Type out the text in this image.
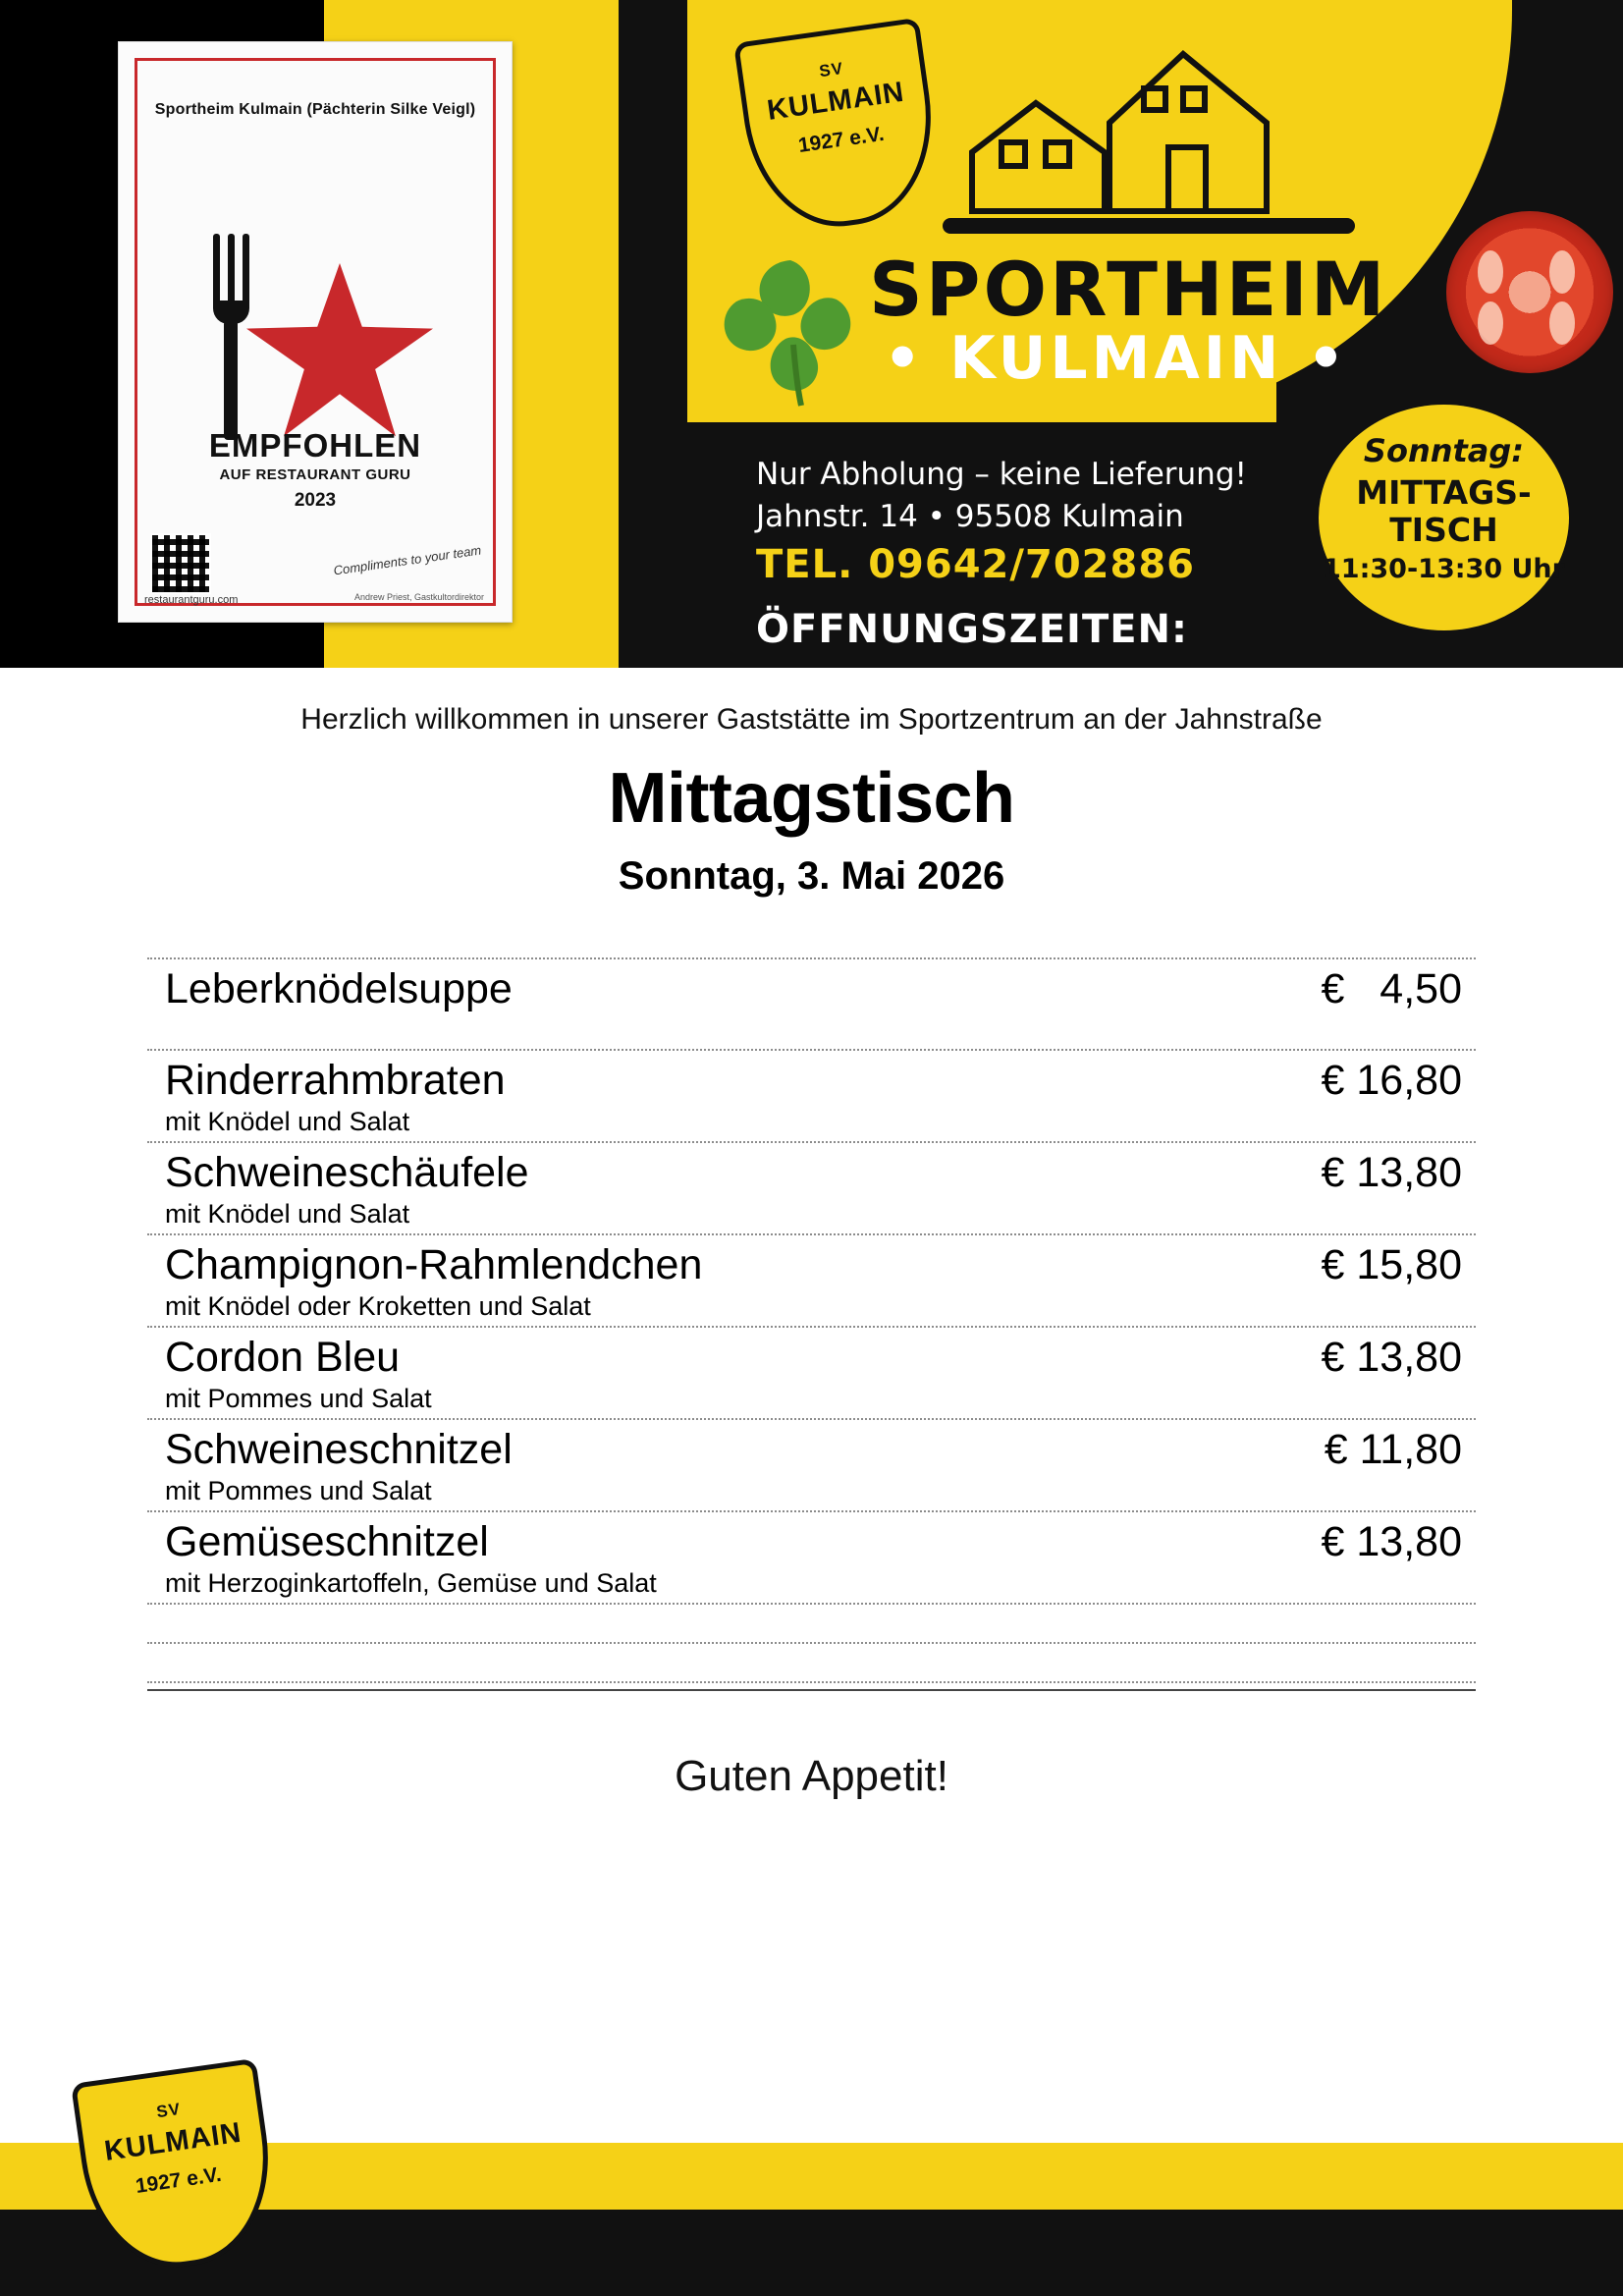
Sportheim Kulmain (Pächterin Silke Veigl)
EMPFOHLEN
AUF RESTAURANT GURU
2023
restaurantguru.com
Compliments to your team
Andrew Priest, Gastkultordirektor
SV
KULMAIN
1927 e.V.
SPORTHEIM
• KULMAIN •
Nur Abholung – keine Lieferung!
Jahnstr. 14 • 95508 Kulmain
TEL. 09642/702886
ÖFFNUNGSZEITEN:
Sonntag:
MITTAGS-
TISCH
11:30-13:30 Uhr
Herzlich willkommen in unserer Gaststätte im Sportzentrum an der Jahnstraße
Mittagstisch
Sonntag, 3. Mai 2026
Leberknödelsuppe	€   4,50
Rinderrahmbraten	€ 16,80
mit Knödel und Salat
Schweineschäufele	€ 13,80
mit Knödel und Salat
Champignon-Rahmlendchen	€ 15,80
mit Knödel oder Kroketten und Salat
Cordon Bleu	€ 13,80
mit Pommes und Salat
Schweineschnitzel	€ 11,80
mit Pommes und Salat
Gemüseschnitzel	€ 13,80
mit Herzoginkartoffeln, Gemüse und Salat
Guten Appetit!
SV
KULMAIN
1927 e.V.
